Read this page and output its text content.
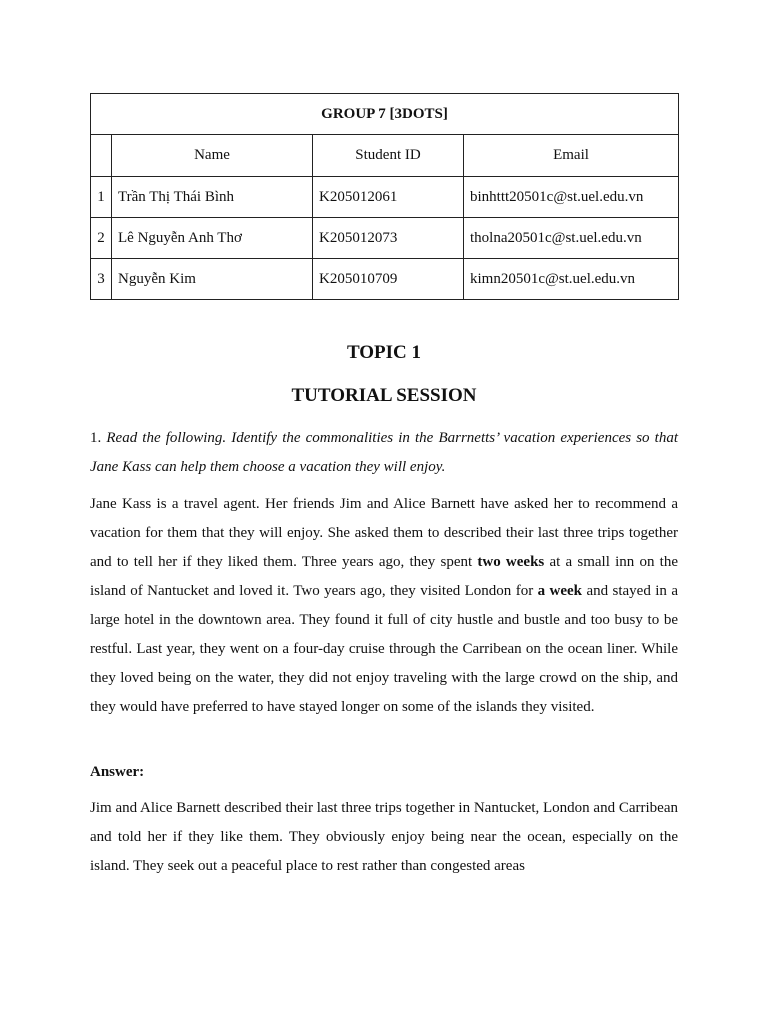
GROUP 7 [3DOTS]			
	Name	Student ID	Email
1	Trần Thị Thái Bình	K205012061	binhttt20501c@st.uel.edu.vn
2	Lê Nguyễn Anh Thơ	K205012073	tholna20501c@st.uel.edu.vn
3	Nguyễn Kim	K205010709	kimn20501c@st.uel.edu.vn
TOPIC 1
TUTORIAL SESSION

1. Read the following. Identify the commonalities in the Barrnetts’ vacation experiences so that Jane Kass can help them choose a vacation they will enjoy.

Jane Kass is a travel agent. Her friends Jim and Alice Barnett have asked her to recommend a vacation for them that they will enjoy. She asked them to described their last three trips together and to tell her if they liked them. Three years ago, they spent two weeks at a small inn on the island of Nantucket and loved it. Two years ago, they visited London for a week and stayed in a large hotel in the downtown area. They found it full of city hustle and bustle and too busy to be restful. Last year, they went on a four-day cruise through the Carribean on the ocean liner. While they loved being on the water, they did not enjoy traveling with the large crowd on the ship, and they would have preferred to have stayed longer on some of the islands they visited.

Answer:

Jim and Alice Barnett described their last three trips together in Nantucket, London and Carribean and told her if they like them. They obviously enjoy being near the ocean, especially on the island. They seek out a peaceful place to rest rather than congested areas
